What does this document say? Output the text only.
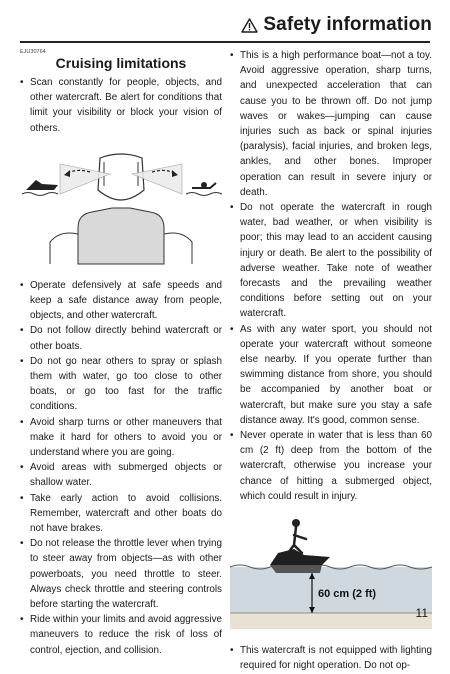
Safety information
EJU30764
Cruising limitations
• Scan constantly for people, objects, and other watercraft. Be alert for conditions that limit your visibility or block your vision of others.
• Operate defensively at safe speeds and keep a safe distance away from people, objects, and other watercraft.
• Do not follow directly behind watercraft or other boats.
• Do not go near others to spray or splash them with water, go too close to other boats, or go too fast for the traffic conditions.
• Avoid sharp turns or other maneuvers that make it hard for others to avoid you or understand where you are going.
• Avoid areas with submerged objects or shallow water.
• Take early action to avoid collisions. Remember, watercraft and other boats do not have brakes.
• Do not release the throttle lever when trying to steer away from objects—as with other powerboats, you need throttle to steer. Always check throttle and steering controls before starting the watercraft.
• Ride within your limits and avoid aggressive maneuvers to reduce the risk of loss of control, ejection, and collision.
• This is a high performance boat—not a toy. Avoid aggressive operation, sharp turns, and unexpected acceleration that can cause you to be thrown off. Do not jump waves or wakes—jumping can cause injuries such as back or spinal injuries (paralysis), facial injuries, and broken legs, ankles, and other bones. Improper operation can result in severe injury or death.
• Do not operate the watercraft in rough water, bad weather, or when visibility is poor; this may lead to an accident causing injury or death. Be alert to the possibility of adverse weather. Take note of weather forecasts and the prevailing weather conditions before setting out on your watercraft.
• As with any water sport, you should not operate your watercraft without someone else nearby. If you operate further than swimming distance from shore, you should be accompanied by another boat or watercraft, but make sure you stay a safe distance away. It's good, common sense.
• Never operate in water that is less than 60 cm (2 ft) deep from the bottom of the watercraft, otherwise you increase your chance of hitting a submerged object, which could result in injury.
60 cm (2 ft)
• This watercraft is not equipped with lighting required for night operation. Do not op-
11
